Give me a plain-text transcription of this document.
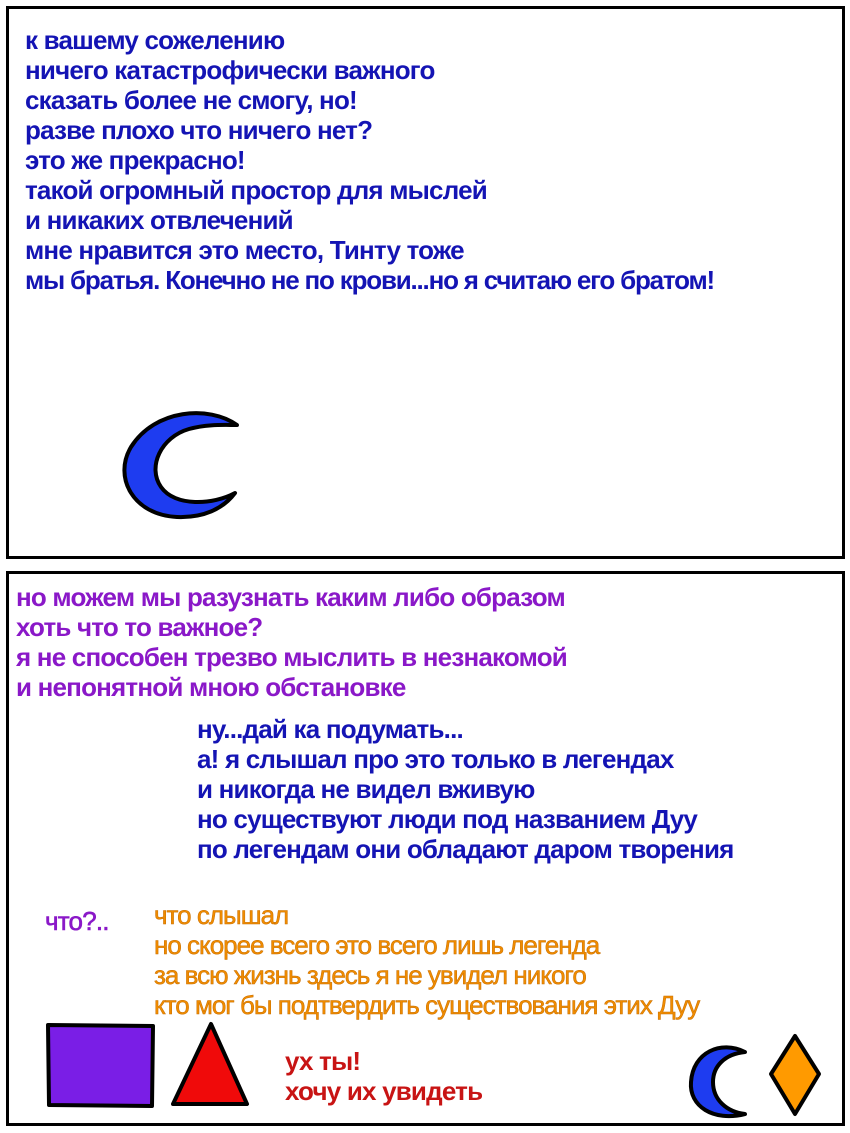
к вашему сожелению
ничего катастрофически важного
сказать более не смогу, но!
разве плохо что ничего нет?
это же прекрасно!
такой огромный простор для мыслей
и никаких отвлечений
мне нравится это место, Тинту тоже
мы братья. Конечно не по крови...но я считаю его братом!
но можем мы разузнать каким либо образом
хоть что то важное?
я не способен трезво мыслить в незнакомой
и непонятной мною обстановке
ну...дай ка подумать...
а! я слышал про это только в легендах
и никогда не видел вживую
но существуют люди под названием Дуу
по легендам они обладают даром творения
что?.. что слышал
но скорее всего это всего лишь легенда
за всю жизнь здесь я не увидел никого
кто мог бы подтвердить существования этих Дуу
ух ты!
хочу их увидеть
